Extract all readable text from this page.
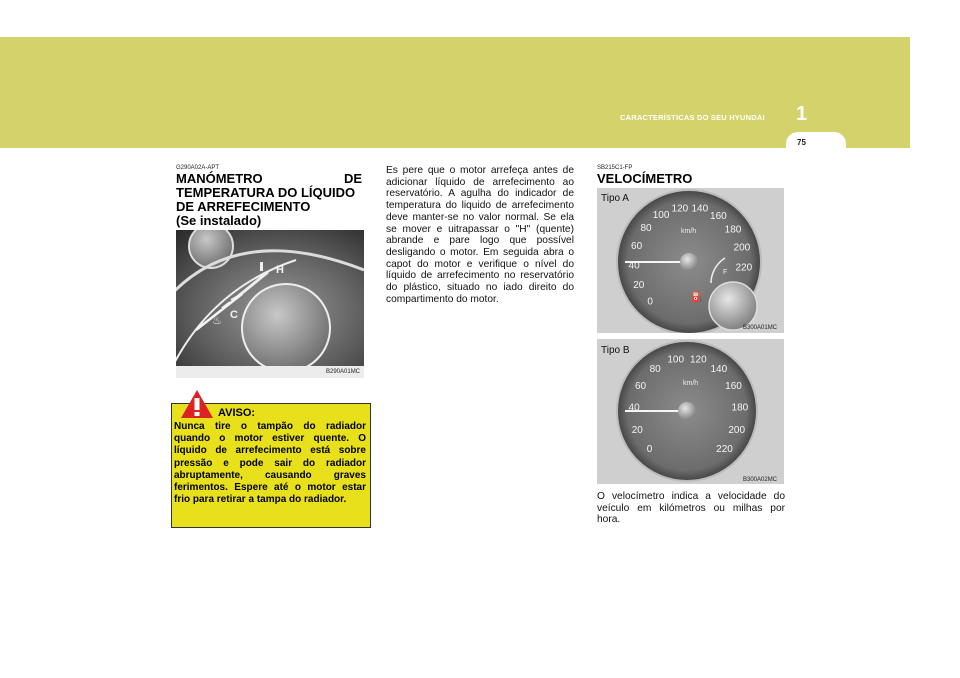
CARACTERÍSTICAS DO SEU HYUNDAI 1
75
G290A02A-APT
MANÓMETRO	DE
TEMPERATURA DO LÍQUIDO
DE ARREFECIMENTO
(Se instalado)
H
C
♨
B290A01MC
AVISO:
Nunca tire o tampão do radiador quando o motor estiver quente. O líquido de arrefecimento está sobre pressão e pode sair do radiador abruptamente, causando graves ferimentos. Espere até o motor estar frio para retirar a tampa do radiador.
Es pere que o motor arrefeça antes de adicionar líquido de arrefecimento ao reservatório. A agulha do indicador de temperatura do liquido de arrefecimento deve manter-se no valor normal. Se ela se mover e uitrapassar o "H" (quente) abrande e pare logo que possível desligando o motor. Em seguida abra o capot do motor e verifique o nível do líquido de arrefecimento no reservatório do plástico, situado no iado direito do compartimento do motor.
SB215C1-FP
VELOCÍMETRO
Tipo A
0
20
40
60
80
100
120 140
160
180
200
220
km/h
F
⛽
B300A01MC
Tipo B
0
20
40
60
80
100 120
140
160
180
200
220
km/h
B300A02MC
O velocímetro indica a velocidade do veículo em kilómetros ou milhas por hora.
